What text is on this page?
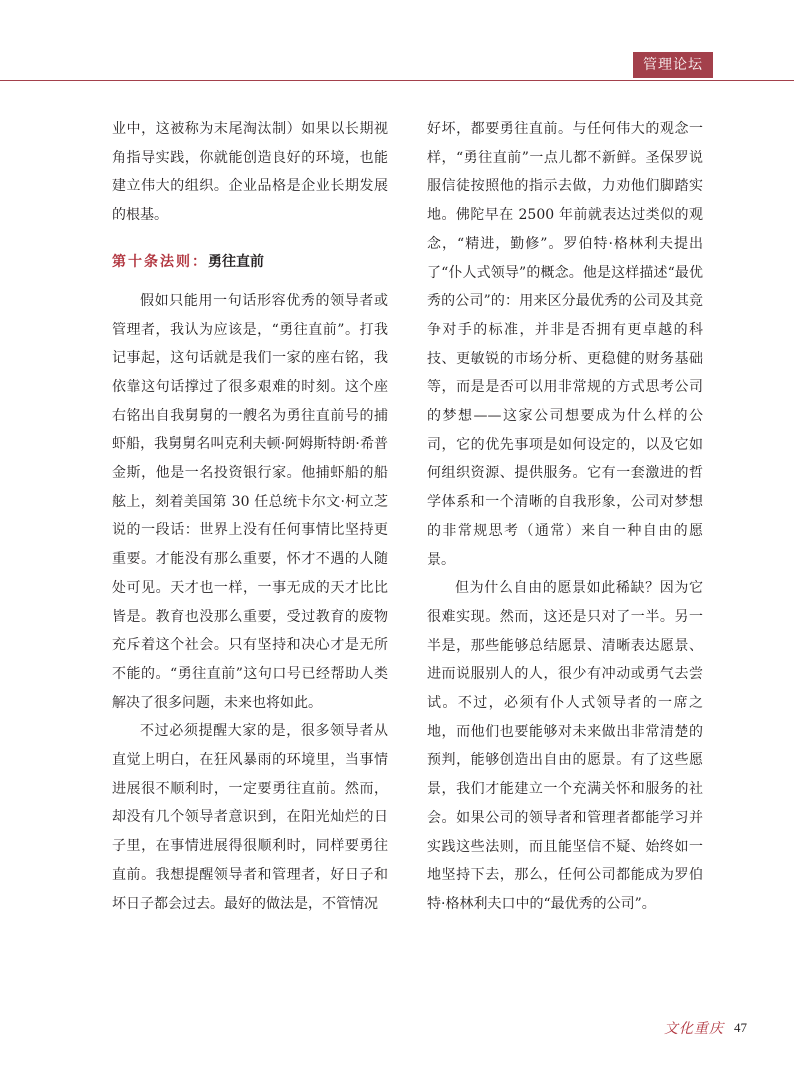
管理论坛

业中，这被称为末尾淘汰制）如果以长期视角指导实践，你就能创造良好的环境，也能建立伟大的组织。企业品格是企业长期发展的根基。

第十条法则：勇往直前

假如只能用一句话形容优秀的领导者或管理者，我认为应该是，“勇往直前”。打我记事起，这句话就是我们一家的座右铭，我依靠这句话撑过了很多艰难的时刻。这个座右铭出自我舅舅的一艘名为勇往直前号的捕虾船，我舅舅名叫克利夫顿·阿姆斯特朗·希普金斯，他是一名投资银行家。他捕虾船的船舷上，刻着美国第 30 任总统卡尔文·柯立芝说的一段话：世界上没有任何事情比坚持更重要。才能没有那么重要，怀才不遇的人随处可见。天才也一样，一事无成的天才比比皆是。教育也没那么重要，受过教育的废物充斥着这个社会。只有坚持和决心才是无所不能的。“勇往直前”这句口号已经帮助人类解决了很多问题，未来也将如此。

不过必须提醒大家的是，很多领导者从直觉上明白，在狂风暴雨的环境里，当事情进展很不顺利时，一定要勇往直前。然而，却没有几个领导者意识到，在阳光灿烂的日子里，在事情进展得很顺利时，同样要勇往直前。我想提醒领导者和管理者，好日子和坏日子都会过去。最好的做法是，不管情况

好坏，都要勇往直前。与任何伟大的观念一样，“勇往直前”一点儿都不新鲜。圣保罗说服信徒按照他的指示去做，力劝他们脚踏实地。佛陀早在 2500 年前就表达过类似的观念，“精进，勤修”。罗伯特·格林利夫提出了“仆人式领导”的概念。他是这样描述“最优秀的公司”的：用来区分最优秀的公司及其竞争对手的标准，并非是否拥有更卓越的科技、更敏锐的市场分析、更稳健的财务基础等，而是是否可以用非常规的方式思考公司的梦想——这家公司想要成为什么样的公司，它的优先事项是如何设定的，以及它如何组织资源、提供服务。它有一套激进的哲学体系和一个清晰的自我形象，公司对梦想的非常规思考（通常）来自一种自由的愿景。

但为什么自由的愿景如此稀缺？因为它很难实现。然而，这还是只对了一半。另一半是，那些能够总结愿景、清晰表达愿景、进而说服别人的人，很少有冲动或勇气去尝试。不过，必须有仆人式领导者的一席之地，而他们也要能够对未来做出非常清楚的预判，能够创造出自由的愿景。有了这些愿景，我们才能建立一个充满关怀和服务的社会。如果公司的领导者和管理者都能学习并实践这些法则，而且能坚信不疑、始终如一地坚持下去，那么，任何公司都能成为罗伯特·格林利夫口中的“最优秀的公司”。

文化重庆 47
